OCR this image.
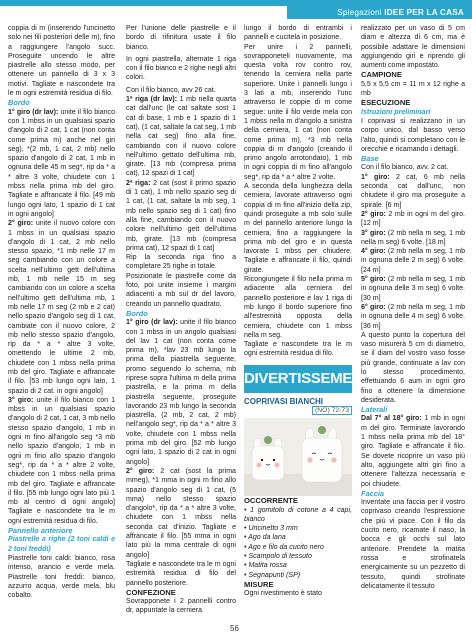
Spiegazioni IDEE PER LA CASA

coppia di m (inserendo l'uncinetto solo nei fili posteriori delle m), fino a raggiungere l'angolo succ. Proseguite uncendo le altre piastrelle allo stesso modo, per ottenere un pannello di 3 x 3 motivi. Tagliate e nascondete tra le m ogni estremità residua di filo.

Bordo

1° giro (dr lav): unite il filo bianco con 1 mbss in un qualsiasi spazio d'angolo di 2 cat, 1 cat (non conta come prima m) anche nel giri seg), *(2 mb, 1 cat, 2 mb) nello spazio d'angolo di 2 cat, 1 mb in ognuna delle 45 m seg*, rip da * a * altre 3 volte, chiudete con 1 mbss nella prima mb del giro. Tagliate e affrancate il filo. [49 mb lungo ogni lato, 1 spazio di 1 cat in ogni angolo]

2° giro: unite il nuovo colore con 1 mbss in un qualsiasi spazio d'angolo di 1 cat, 2 mb nello stesso spazio, *1 mb nelle 17 m seg cambiando con un colore a scelta nell'ultimo gett dell'ultima mb, 1 mb nelle 15 m seg cambiando con un colore a scelta nell'ultimo gett dell'ultima mb, 1 mb nelle 17 m seg (2 mb e 2 cat) nello spazio d'angolo seg di 1 cat, cambiate con il nuovo colore, 2 mb nello stesso spazio d'angolo, rip da * a * altre 3 volte, omettendo le ultime 2 mb, chiudete con 1 mbss nella prima mb del giro. Tagliate e affrancate il filo. [53 mb lungo ogni lato, 1 spazio di 2 cat. in ogni angolo]

3° giro: unite il filo bianco con 1 mbss in un qualsiasi spazio d'angolo di 2 cat, 1 cat, 3 mb nello stesso spazio d'angolo, 1 mb in ogni m fino all'angolo seg *3 mb nello spazio d'angolo, 1 mb in ogni m fino allo spazio d'angolo seg*, rip da * a * altre 2 volte, chiudete con 1 mbss nella prima mb del giro. Tagliate e affrancate il filo. [55 mb lungo ogni lato più 1 mb al centro di ogni angolo] Tagliate e nascondete tra le m ogni estremità residua di filo.

Pannello anteriore

Piastrelle a righe (2 toni caldi e 2 toni freddi)

Piastrelle toni caldi: bianco, rosa intenso, arancio e verde mela. Piastrelle toni freddi: bianco, azzurro acqua, verde mela, blu cobalto.

Per l'unione delle piastrelle e il bordo di rifinitura usate il filo bianco.

In ogni piastrella, alternate 1 riga con il filo bianco e 2 righe negli altri colori.

Con il filo bianco, avv 26 cat.

1ª riga (dr lav): 1 mb nella quarta cat dall'unc (le cat saltate sost 1 cat di base, 1 mb e 1 spazio di 1 cat), (1 cat, saltate la cat seg, 1 mb nella cat seg) fino alla fine, cambiando con il nuovo colore nell'ultimo gettato dell'ultima mb, girate. [13 mb (compresa prima cat), 12 spazi di 1 cat]

2ª riga: 2 cat (sost il primo spazio di 1 cat), 1 mb nello spazio seg di 1 cat, (1 cat, saltate la mb seg, 1 mb nello spazio seg di 1 cat) fino alla fine, cambiando con il nuovo colore nell'ultimo gett dell'ultima mb, girate. [13 mb (compresa prima cat), 12 spazi di 1 cat]

Rip la seconda riga fino a completare 25 righe in totale.

Posizionate le piastrelle come da foto, poi unite insieme i margini adiacenti a mb sul dr del lavoro, creando un pannello quadrato.

Bordo

1° giro (dr lav): unite il filo bianco con 1 mbss in un angolo qualsiasi del lav 1 cat (non conta come prima m), *lav 23 mb lungo la prima della piastrella seguente, promo seguendo lo schema, mb riprese sopra l'ultima m della prima piastrella, e la prima m della piastrella seguente, proseguite lavorando 23 mb lungo la seconda piastrella, (2 mb, 2 cat, 2 mb) nell'angolo seg*, rip da * a * altre 3 volte, chiudete con 1 mbss nella prima mb del giro. [52 mb lungo ogni lato, 1 spazio di 2 cat in ogni angolo]

2° giro: 2 cat (sost la prima mmeg), *1 mma in ogni m fino allo spazio d'angolo seg di 1 cat, (5 mma) nello stesso spazio d'angolo*, rip da * a * altre 3 volte, chiudete con 1 mbss nella seconda cat d'inizio. Tagliate e affrancate il filo. [55 mma in ogni lato più la mma centrale di ogni angolo]

Tagliate e nascondete tra le m ogni estremità residua di filo del pannello posteriore.

CONFEZIONE

Sovrapponete i 2 pannelli contro dr, appuntate la cerniera

lungo il bordo di entrambi i pannelli e cucitela in posizione.

Per unire i 2 pannelli, sovrapponeteli nuovamente, ma questa volta rov contro rov, tenendo la cerniera nella parte superiore. Unite i pannelli lungo i 3 lati a mb, inserendo l'unc attraverso le coppie di m come segue: unite il filo verde mela con 1 mbss nella m d'angolo a sinistra della cerniera, 1 cat (non conta come prima m), *3 mb nella coppia di m d'angolo (creando il primo angolo arrotondato), 1 mb in ogni coppia di m fino all'angolo seg*, rip da * a * altre 2 volte.

A seconda della lunghezza della cerniera, lavorate attraverso ogni coppia di m fino all'inizio della zip, quindi proseguite a mb solo sulle m del pannello anteriore lungo la cerniera, fino a raggiungere la prima mb del giro e in questa lavorate 1 mbss per chiudere. Tagliate e affrancate il filo, quindi girate.

Ricongiungete il filo nella prima m adiacente alla cerniera del pannello posteriore e lav 1 riga di mb lungo il bordo superiore fino all'estremità opposta della cerniera, chiudete con 1 mbss nella m seg.

Tagliate e nascondete tra le m ogni estremità residua di filo.

DIVERTISSEMENT

COPRIVASI BIANCHI

(NO) 72-73

OCCORRENTE

• 1 gomitolo di cotone a 4 capi, bianco

• Uncinetto 3 mm

• Ago da lana

• Ago e filo da cucito nero

• Scampolo di tessuto

• Matita rossa

• Segnapunti (SP)

MISURE

Ogni rivestimento è stato

realizzato per un vaso di 5 cm diam e altezza di 6 cm, ma è possibile adattare le dimensioni aggiungendo giri e riprendo gli aumenti come impostato.

CAMPIONE

5,5 x 5,5 cm = 11 m x 12 righe a mb

ESECUZIONE

Istruzioni preliminari

I coprivasi si realizzano in un corpo unico, dal basso verso l'alto, quindi si completano con le orecchie e ricamando i dettagli.

Base

Con il filo bianco, avv. 2 cat.

1° giro: 2 cat, 6 mb nella seconda cat dall'unc, non chiudete il giro ma proseguite a spirale. [6 m]

2° giro: 2 mb in ogni m del giro. [12 m]

3° giro: (2 mb nella m seg, 1 mb nella m seg) 6 volte. [18 m]

4° giro: (2 mb nella m seg, 1 mb in ognuna delle 2 m seg) 6 volte. [24 m]

5° giro: (2 mb nella m seg, 1 mb in ognuna delle 3 m seg) 6 volte. [30 m]

6° giro: (2 mb nella m seg, 1 mb in ognuna delle 4 m seg) 6 volte. [36 m]

A questo punto la copertura del vaso misurerà 5 cm di diametro, se il diam del vostro vaso fosse più grande, continuate a lav con lo stesso procedimento, effettuando 6 aum in ogni giro fino a ottenere la dimensione desiderata.

Laterali

Dal 7° al 18° giro: 1 mb in ogni m del giro. Terminate lavorando 1 mbss nella prima mb del 18° giro. Tagliate e affrancate il filo. Se dovete ricoprire un vaso più alto, aggiungete altri giri fino a ottenere l'altezza necessaria e poi chiudete.

Faccia

Inventate una faccia per il vostro coprivaso creando l'espressione che più vi piace. Con il filo da cucito nero, ricamate il naso, la bocca e gli occhi sul lato anteriore. Prendete la matita rossa e strofinatela energicamente su un pezzetto di tessuto, quindi strofinate delicatamente il tessuto

56
